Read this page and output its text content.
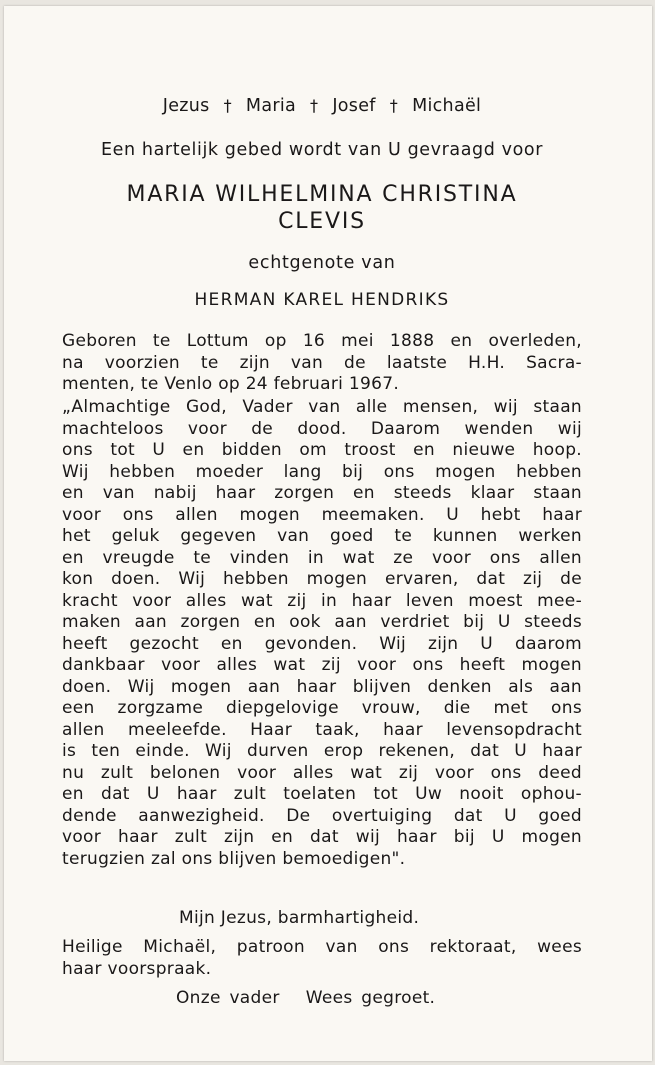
Jezus † Maria † Josef † Michaël
Een hartelijk gebed wordt van U gevraagd voor
MARIA WILHELMINA CHRISTINA
CLEVIS
echtgenote van
HERMAN KAREL HENDRIKS
Geboren te Lottum op 16 mei 1888 en overleden,
na voorzien te zijn van de laatste H.H. Sacra-
menten, te Venlo op 24 februari 1967.
„Almachtige God, Vader van alle mensen, wij staan
machteloos voor de dood. Daarom wenden wij
ons tot U en bidden om troost en nieuwe hoop.
Wij hebben moeder lang bij ons mogen hebben
en van nabij haar zorgen en steeds klaar staan
voor ons allen mogen meemaken. U hebt haar
het geluk gegeven van goed te kunnen werken
en vreugde te vinden in wat ze voor ons allen
kon doen. Wij hebben mogen ervaren, dat zij de
kracht voor alles wat zij in haar leven moest mee-
maken aan zorgen en ook aan verdriet bij U steeds
heeft gezocht en gevonden. Wij zijn U daarom
dankbaar voor alles wat zij voor ons heeft mogen
doen. Wij mogen aan haar blijven denken als aan
een zorgzame diepgelovige vrouw, die met ons
allen meeleefde. Haar taak, haar levensopdracht
is ten einde. Wij durven erop rekenen, dat U haar
nu zult belonen voor alles wat zij voor ons deed
en dat U haar zult toelaten tot Uw nooit ophou-
dende aanwezigheid. De overtuiging dat U goed
voor haar zult zijn en dat wij haar bij U mogen
terugzien zal ons blijven bemoedigen".
Mijn Jezus, barmhartigheid.
Heilige Michaël, patroon van ons rektoraat, wees
haar voorspraak.
Onze vader   Wees gegroet.
